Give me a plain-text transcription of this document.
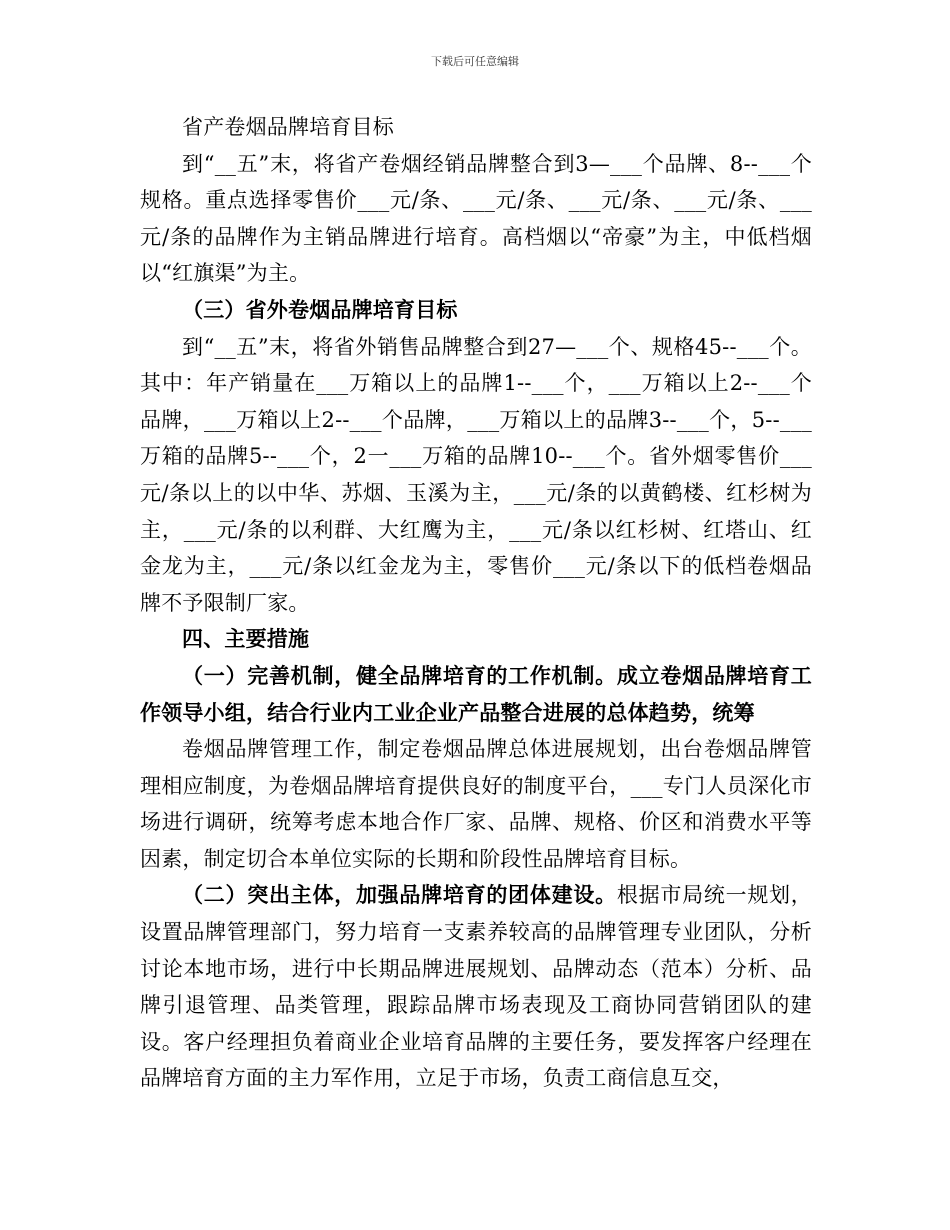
下载后可任意编辑

省产卷烟品牌培育目标

到“__五”末，将省产卷烟经销品牌整合到3—___个品牌、8--___个规格。重点选择零售价___元/条、___元/条、___元/条、___元/条、___元/条的品牌作为主销品牌进行培育。高档烟以“帝豪”为主，中低档烟以“红旗渠”为主。

（三）省外卷烟品牌培育目标

到“__五”末，将省外销售品牌整合到27—___个、规格45--___个。其中：年产销量在___万箱以上的品牌1--___个，___万箱以上2--___个品牌，___万箱以上2--___个品牌，___万箱以上的品牌3--___个，5--___万箱的品牌5--___个，2一___万箱的品牌10--___个。省外烟零售价___元/条以上的以中华、苏烟、玉溪为主，___元/条的以黄鹤楼、红杉树为主，___元/条的以利群、大红鹰为主，___元/条以红杉树、红塔山、红金龙为主，___元/条以红金龙为主，零售价___元/条以下的低档卷烟品牌不予限制厂家。

四、主要措施

（一）完善机制，健全品牌培育的工作机制。成立卷烟品牌培育工作领导小组，结合行业内工业企业产品整合进展的总体趋势，统筹

卷烟品牌管理工作，制定卷烟品牌总体进展规划，出台卷烟品牌管理相应制度，为卷烟品牌培育提供良好的制度平台，___专门人员深化市场进行调研，统筹考虑本地合作厂家、品牌、规格、价区和消费水平等因素，制定切合本单位实际的长期和阶段性品牌培育目标。

（二）突出主体，加强品牌培育的团体建设。根据市局统一规划，设置品牌管理部门，努力培育一支素养较高的品牌管理专业团队，分析讨论本地市场，进行中长期品牌进展规划、品牌动态（范本）分析、品牌引退管理、品类管理，跟踪品牌市场表现及工商协同营销团队的建设。客户经理担负着商业企业培育品牌的主要任务，要发挥客户经理在品牌培育方面的主力军作用，立足于市场，负责工商信息互交，
